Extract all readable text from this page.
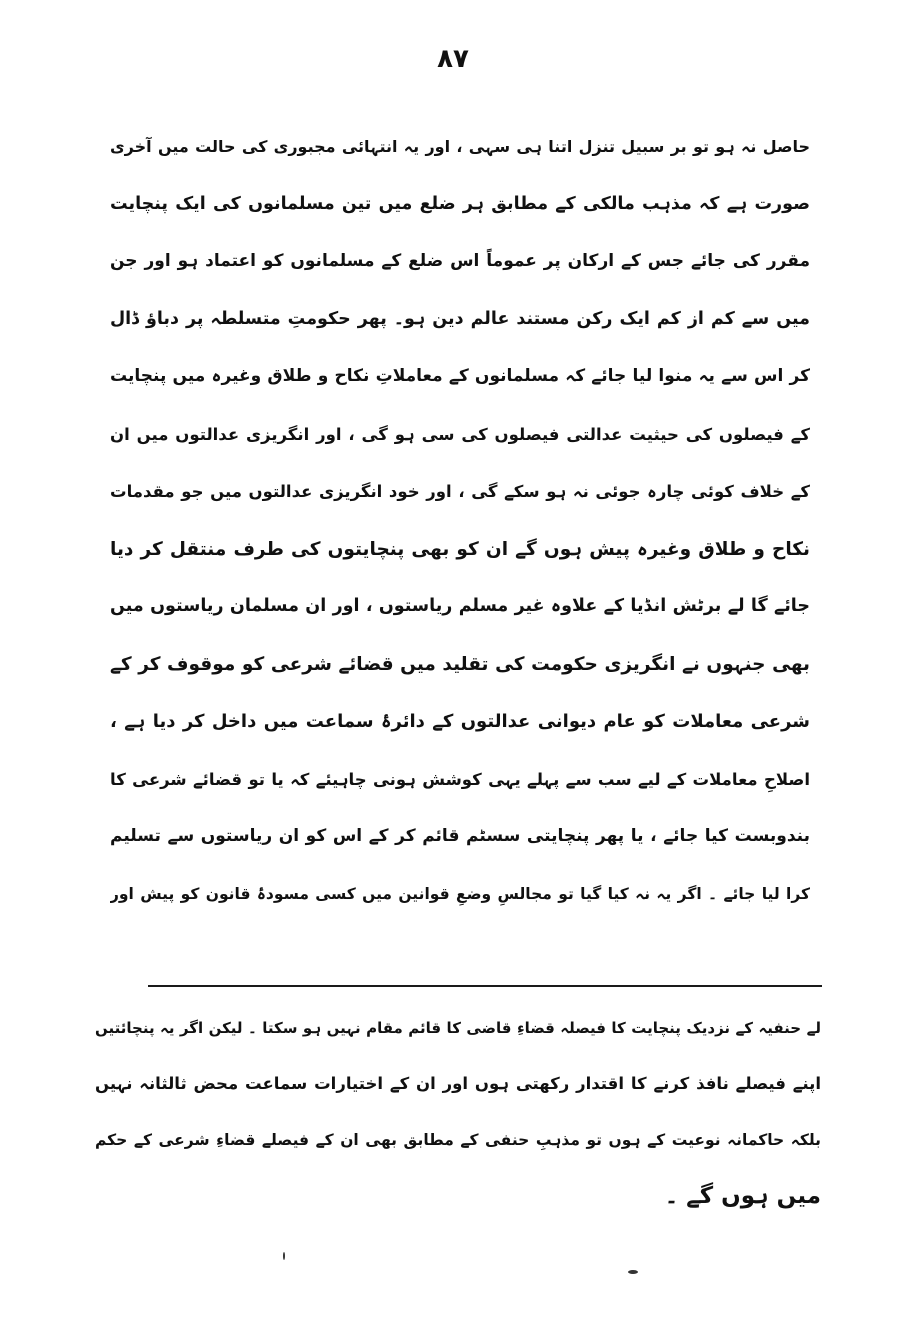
۸۷
حاصل نہ ہو تو بر سبیل تنزل اتنا ہی سہی ، اور یہ انتہائی مجبوری کی حالت میں آخری
صورت ہے کہ مذہب مالکی کے مطابق ہر ضلع میں تین مسلمانوں کی ایک پنچایت
مقرر کی جائے جس کے ارکان پر عموماً اس ضلع کے مسلمانوں کو اعتماد ہو اور جن
میں سے کم از کم ایک رکن مستند عالم دین ہو۔ پھر حکومتِ متسلطہ پر دباؤ ڈال
کر اس سے یہ منوا لیا جائے کہ مسلمانوں کے معاملاتِ نکاح و طلاق وغیرہ میں پنچایت
کے فیصلوں کی حیثیت عدالتی فیصلوں کی سی ہو گی ، اور انگریزی عدالتوں میں ان
کے خلاف کوئی چارہ جوئی نہ ہو سکے گی ، اور خود انگریزی عدالتوں میں جو مقدمات
نکاح و طلاق وغیرہ پیش ہوں گے ان کو بھی پنچایتوں کی طرف منتقل کر دیا
جائے گا لے برٹش انڈیا کے علاوہ غیر مسلم ریاستوں ، اور ان مسلمان ریاستوں میں
بھی جنہوں نے انگریزی حکومت کی تقلید میں قضائے شرعی کو موقوف کر کے
شرعی معاملات کو عام دیوانی عدالتوں کے دائرۂ سماعت میں داخل کر دیا ہے ،
اصلاحِ معاملات کے لیے سب سے پہلے یہی کوشش ہونی چاہیئے کہ یا تو قضائے شرعی کا
بندوبست کیا جائے ، یا پھر پنچایتی سسٹم قائم کر کے اس کو ان ریاستوں سے تسلیم
کرا لیا جائے ۔ اگر یہ نہ کیا گیا تو مجالسِ وضعِ قوانین میں کسی مسودۂ قانون کو پیش اور
لے حنفیہ کے نزدیک پنچایت کا فیصلہ قضاءِ قاضی کا قائم مقام نہیں ہو سکتا ۔ لیکن اگر یہ پنچائتیں
اپنے فیصلے نافذ کرنے کا اقتدار رکھتی ہوں اور ان کے اختیارات سماعت محض ثالثانہ نہیں
بلکہ حاکمانہ نوعیت کے ہوں تو مذہبِ حنفی کے مطابق بھی ان کے فیصلے قضاءِ شرعی کے حکم
میں ہوں گے ۔
